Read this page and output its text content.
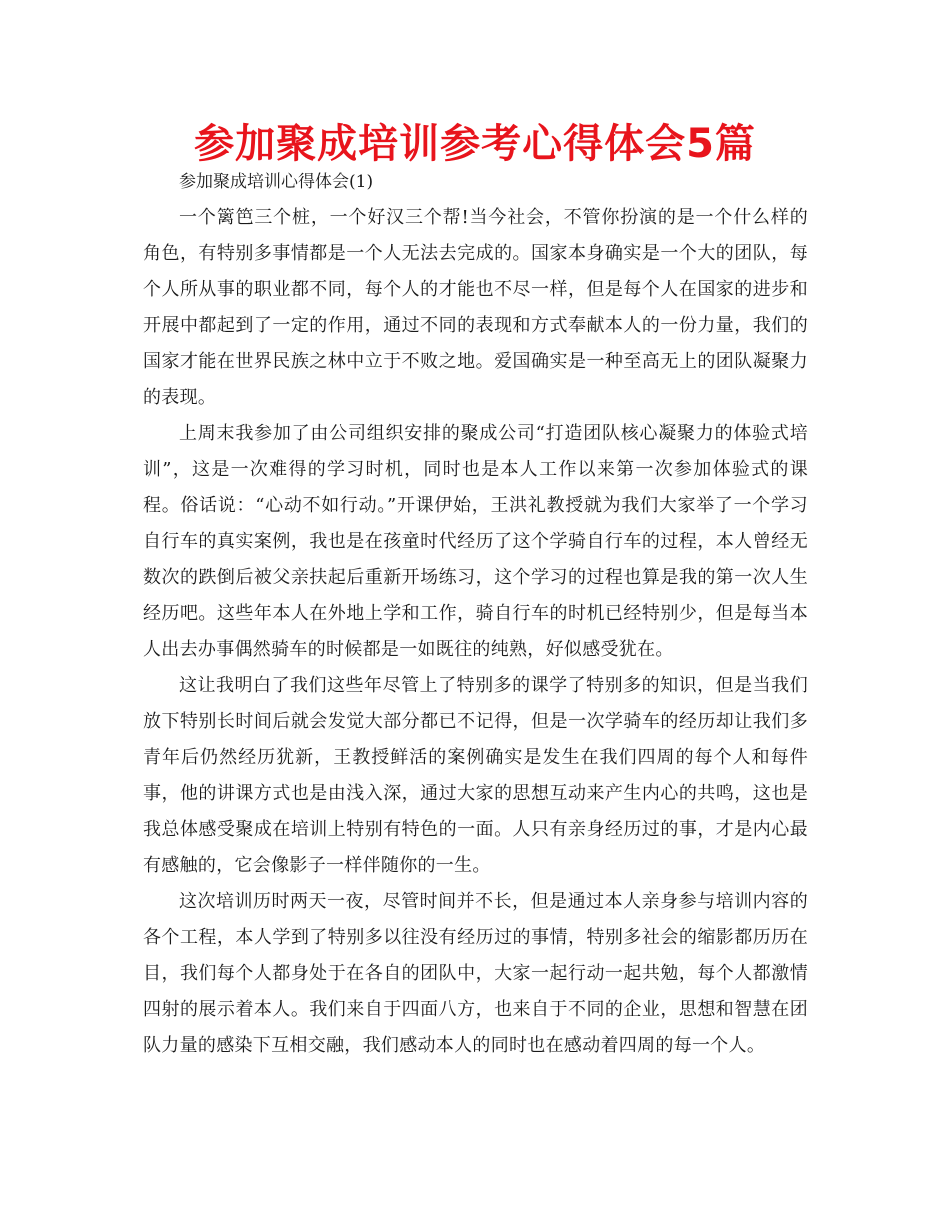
参加聚成培训参考心得体会5篇

参加聚成培训心得体会(1)

一个篱笆三个桩，一个好汉三个帮!当今社会，不管你扮演的是一个什么样的角色，有特别多事情都是一个人无法去完成的。国家本身确实是一个大的团队，每个人所从事的职业都不同，每个人的才能也不尽一样，但是每个人在国家的进步和开展中都起到了一定的作用，通过不同的表现和方式奉献本人的一份力量，我们的国家才能在世界民族之林中立于不败之地。爱国确实是一种至高无上的团队凝聚力的表现。

上周末我参加了由公司组织安排的聚成公司“打造团队核心凝聚力的体验式培训”，这是一次难得的学习时机，同时也是本人工作以来第一次参加体验式的课程。俗话说：“心动不如行动。”开课伊始，王洪礼教授就为我们大家举了一个学习自行车的真实案例，我也是在孩童时代经历了这个学骑自行车的过程，本人曾经无数次的跌倒后被父亲扶起后重新开场练习，这个学习的过程也算是我的第一次人生经历吧。这些年本人在外地上学和工作，骑自行车的时机已经特别少，但是每当本人出去办事偶然骑车的时候都是一如既往的纯熟，好似感受犹在。

这让我明白了我们这些年尽管上了特别多的课学了特别多的知识，但是当我们放下特别长时间后就会发觉大部分都已不记得，但是一次学骑车的经历却让我们多青年后仍然经历犹新，王教授鲜活的案例确实是发生在我们四周的每个人和每件事，他的讲课方式也是由浅入深，通过大家的思想互动来产生内心的共鸣，这也是我总体感受聚成在培训上特别有特色的一面。人只有亲身经历过的事，才是内心最有感触的，它会像影子一样伴随你的一生。

这次培训历时两天一夜，尽管时间并不长，但是通过本人亲身参与培训内容的各个工程，本人学到了特别多以往没有经历过的事情，特别多社会的缩影都历历在目，我们每个人都身处于在各自的团队中，大家一起行动一起共勉，每个人都激情四射的展示着本人。我们来自于四面八方，也来自于不同的企业，思想和智慧在团队力量的感染下互相交融，我们感动本人的同时也在感动着四周的每一个人。
